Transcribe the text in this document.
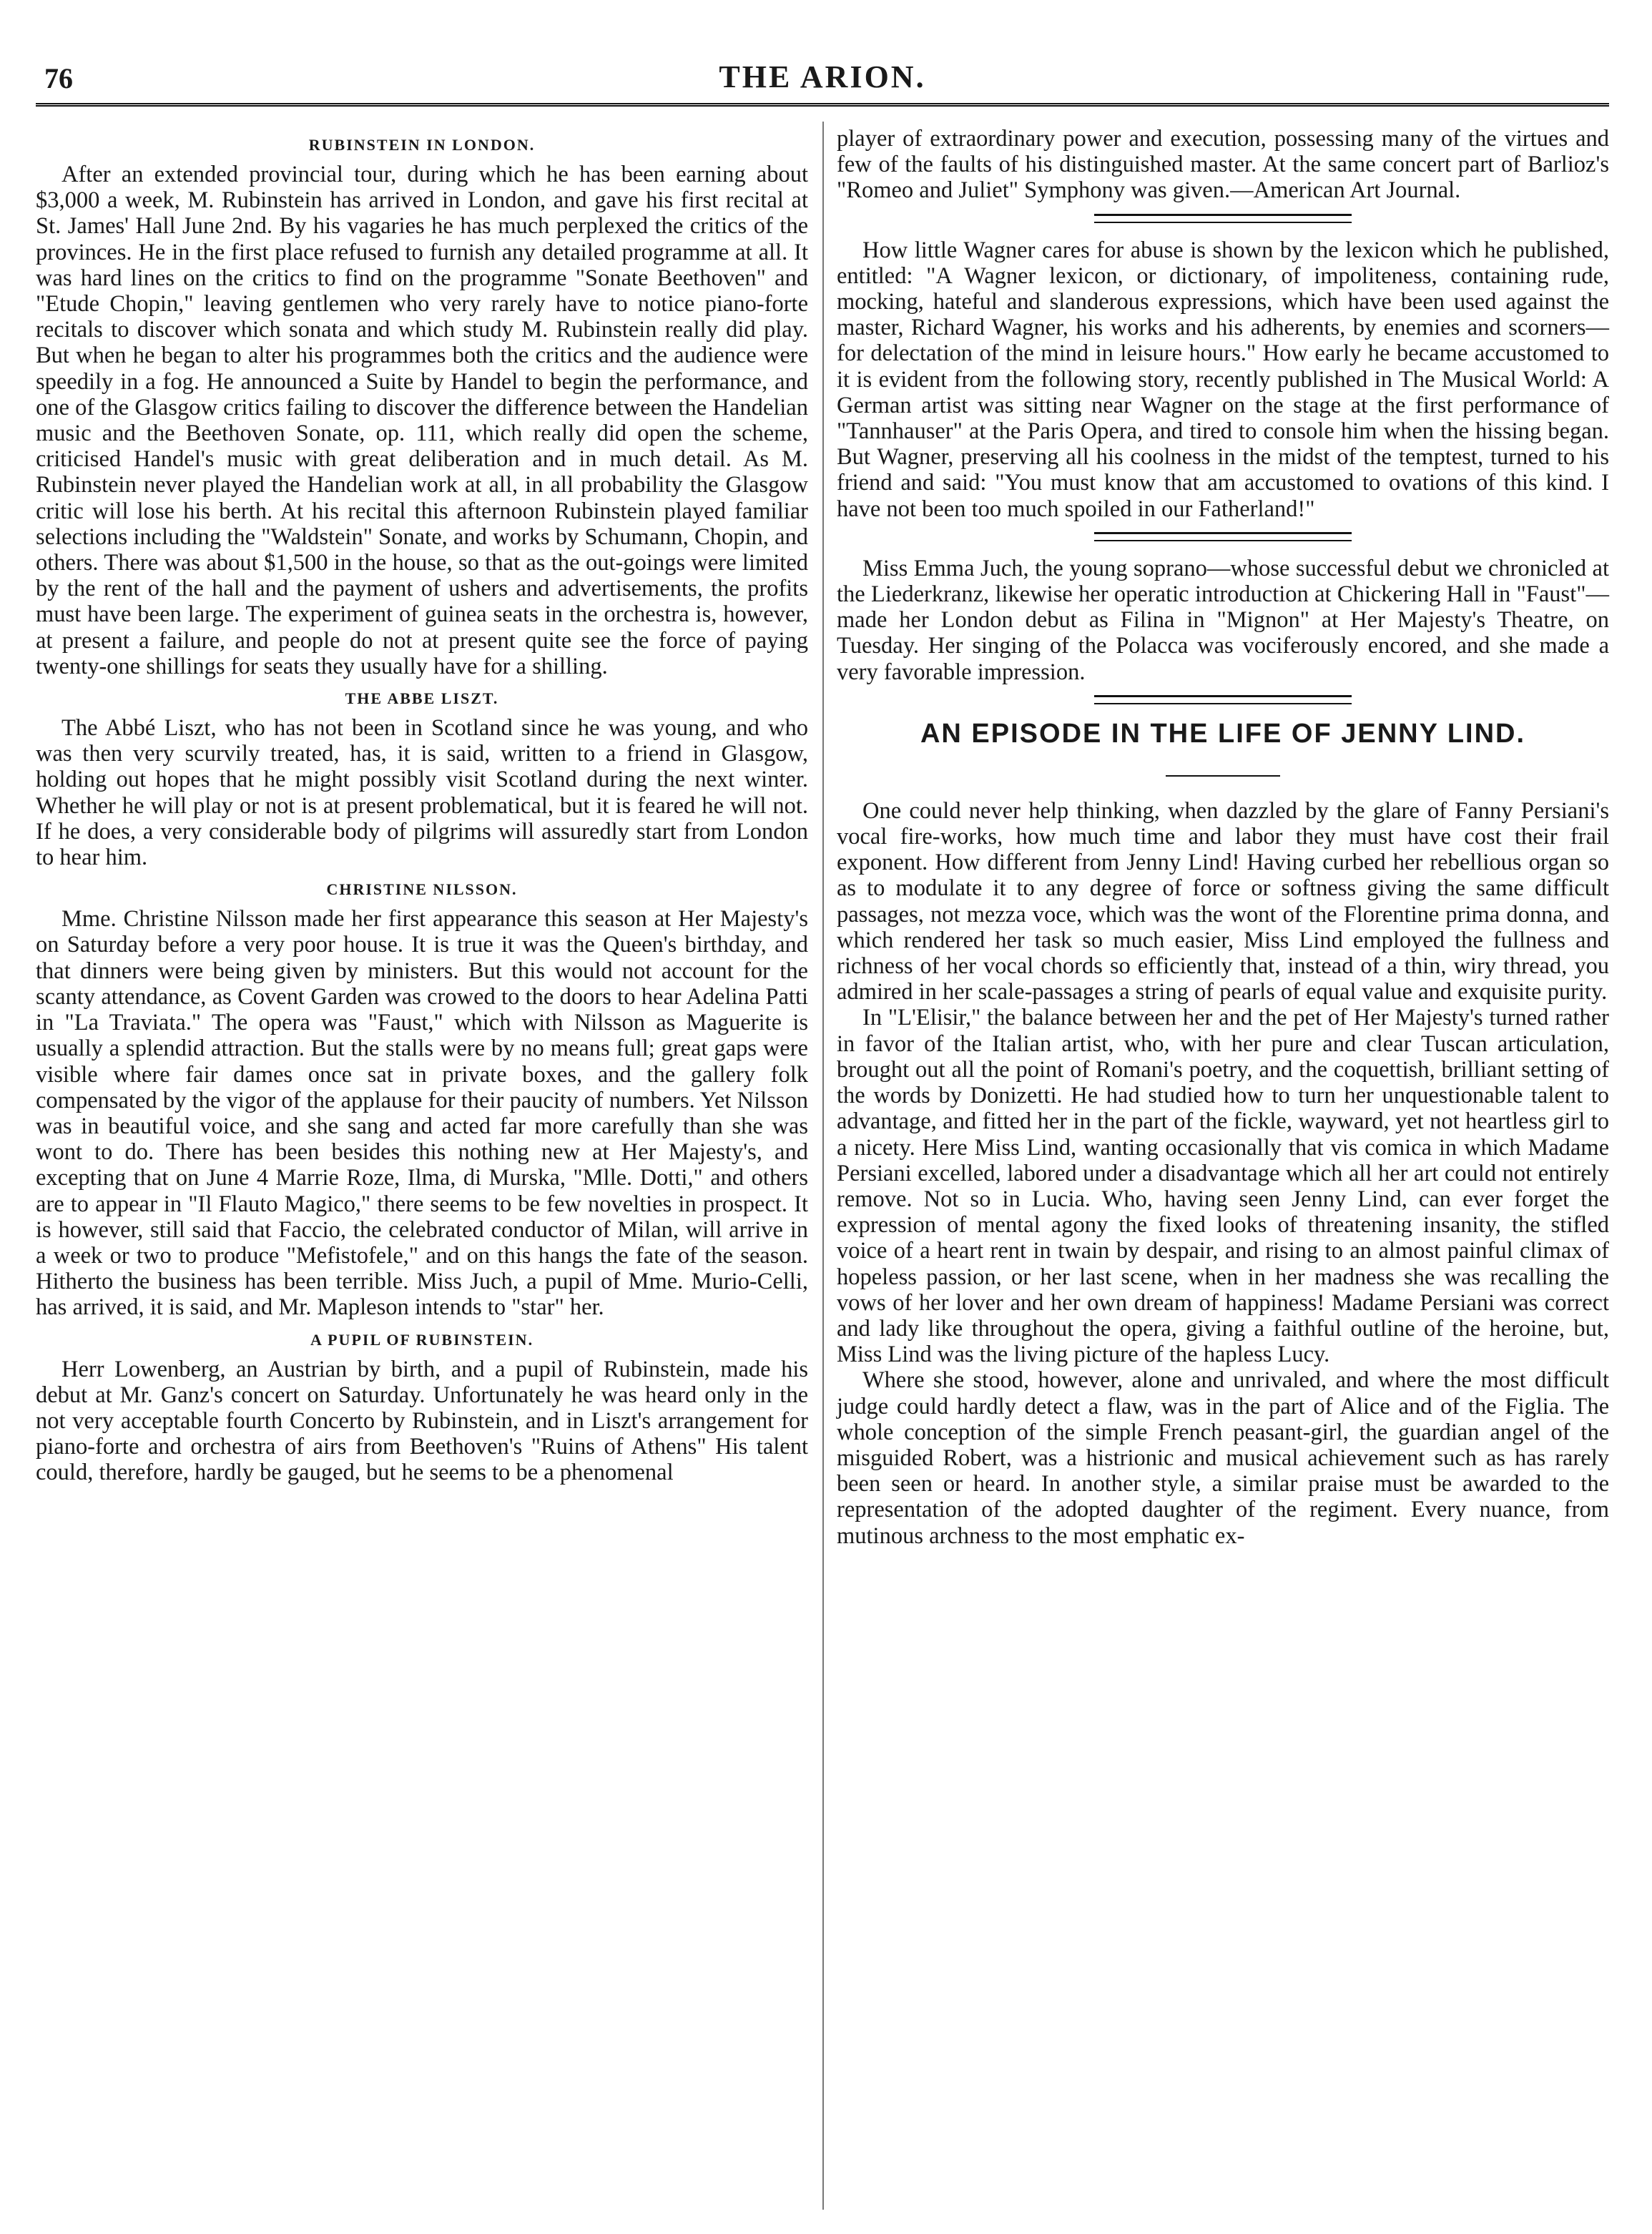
76	THE ARION.
RUBINSTEIN IN LONDON.

After an extended provincial tour, during which he has been earning about $3,000 a week, M. Rubinstein has arrived in London, and gave his first recital at St. James' Hall June 2nd. By his vagaries he has much perplexed the critics of the provinces. He in the first place refused to furnish any detailed programme at all. It was hard lines on the critics to find on the programme "Sonate Beethoven" and "Etude Chopin," leaving gentlemen who very rarely have to notice piano-forte recitals to discover which sonata and which study M. Rubinstein really did play. But when he began to alter his programmes both the critics and the audience were speedily in a fog. He announced a Suite by Handel to begin the performance, and one of the Glasgow critics failing to discover the difference between the Handelian music and the Beethoven Sonate, op. 111, which really did open the scheme, criticised Handel's music with great deliberation and in much detail. As M. Rubinstein never played the Handelian work at all, in all probability the Glasgow critic will lose his berth. At his recital this afternoon Rubinstein played familiar selections including the "Waldstein" Sonate, and works by Schumann, Chopin, and others. There was about $1,500 in the house, so that as the out-goings were limited by the rent of the hall and the payment of ushers and advertisements, the profits must have been large. The experiment of guinea seats in the orchestra is, however, at present a failure, and people do not at present quite see the force of paying twenty-one shillings for seats they usually have for a shilling.

THE ABBE LISZT.

The Abbé Liszt, who has not been in Scotland since he was young, and who was then very scurvily treated, has, it is said, written to a friend in Glasgow, holding out hopes that he might possibly visit Scotland during the next winter. Whether he will play or not is at present problematical, but it is feared he will not. If he does, a very considerable body of pilgrims will assuredly start from London to hear him.

CHRISTINE NILSSON.

Mme. Christine Nilsson made her first appearance this season at Her Majesty's on Saturday before a very poor house. It is true it was the Queen's birthday, and that dinners were being given by ministers. But this would not account for the scanty attendance, as Covent Garden was crowed to the doors to hear Adelina Patti in "La Traviata." The opera was "Faust," which with Nilsson as Maguerite is usually a splendid attraction. But the stalls were by no means full; great gaps were visible where fair dames once sat in private boxes, and the gallery folk compensated by the vigor of the applause for their paucity of numbers. Yet Nilsson was in beautiful voice, and she sang and acted far more carefully than she was wont to do. There has been besides this nothing new at Her Majesty's, and excepting that on June 4 Marrie Roze, Ilma, di Murska, "Mlle. Dotti," and others are to appear in "Il Flauto Magico," there seems to be few novelties in prospect. It is however, still said that Faccio, the celebrated conductor of Milan, will arrive in a week or two to produce "Mefistofele," and on this hangs the fate of the season. Hitherto the business has been terrible. Miss Juch, a pupil of Mme. Murio-Celli, has arrived, it is said, and Mr. Mapleson intends to "star" her.

A PUPIL OF RUBINSTEIN.

Herr Lowenberg, an Austrian by birth, and a pupil of Rubinstein, made his debut at Mr. Ganz's concert on Saturday. Unfortunately he was heard only in the not very acceptable fourth Concerto by Rubinstein, and in Liszt's arrangement for piano-forte and orchestra of airs from Beethoven's "Ruins of Athens" His talent could, therefore, hardly be gauged, but he seems to be a phenomenal

player of extraordinary power and execution, possessing many of the virtues and few of the faults of his distinguished master. At the same concert part of Barlioz's "Romeo and Juliet" Symphony was given.—American Art Journal.

How little Wagner cares for abuse is shown by the lexicon which he published, entitled: "A Wagner lexicon, or dictionary, of impoliteness, containing rude, mocking, hateful and slanderous expressions, which have been used against the master, Richard Wagner, his works and his adherents, by enemies and scorners—for delectation of the mind in leisure hours." How early he became accustomed to it is evident from the following story, recently published in The Musical World: A German artist was sitting near Wagner on the stage at the first performance of "Tannhauser" at the Paris Opera, and tired to console him when the hissing began. But Wagner, preserving all his coolness in the midst of the temptest, turned to his friend and said: "You must know that am accustomed to ovations of this kind. I have not been too much spoiled in our Fatherland!"

Miss Emma Juch, the young soprano—whose successful debut we chronicled at the Liederkranz, likewise her operatic introduction at Chickering Hall in "Faust"—made her London debut as Filina in "Mignon" at Her Majesty's Theatre, on Tuesday. Her singing of the Polacca was vociferously encored, and she made a very favorable impression.

AN EPISODE IN THE LIFE OF JENNY LIND.

One could never help thinking, when dazzled by the glare of Fanny Persiani's vocal fire-works, how much time and labor they must have cost their frail exponent. How different from Jenny Lind! Having curbed her rebellious organ so as to modulate it to any degree of force or softness giving the same difficult passages, not mezza voce, which was the wont of the Florentine prima donna, and which rendered her task so much easier, Miss Lind employed the fullness and richness of her vocal chords so efficiently that, instead of a thin, wiry thread, you admired in her scale-passages a string of pearls of equal value and exquisite purity.

In "L'Elisir," the balance between her and the pet of Her Majesty's turned rather in favor of the Italian artist, who, with her pure and clear Tuscan articulation, brought out all the point of Romani's poetry, and the coquettish, brilliant setting of the words by Donizetti. He had studied how to turn her unquestionable talent to advantage, and fitted her in the part of the fickle, wayward, yet not heartless girl to a nicety. Here Miss Lind, wanting occasionally that vis comica in which Madame Persiani excelled, labored under a disadvantage which all her art could not entirely remove. Not so in Lucia. Who, having seen Jenny Lind, can ever forget the expression of mental agony the fixed looks of threatening insanity, the stifled voice of a heart rent in twain by despair, and rising to an almost painful climax of hopeless passion, or her last scene, when in her madness she was recalling the vows of her lover and her own dream of happiness! Madame Persiani was correct and lady like throughout the opera, giving a faithful outline of the heroine, but, Miss Lind was the living picture of the hapless Lucy.

Where she stood, however, alone and unrivaled, and where the most difficult judge could hardly detect a flaw, was in the part of Alice and of the Figlia. The whole conception of the simple French peasant-girl, the guardian angel of the misguided Robert, was a histrionic and musical achievement such as has rarely been seen or heard. In another style, a similar praise must be awarded to the representation of the adopted daughter of the regiment. Every nuance, from mutinous archness to the most emphatic ex-
